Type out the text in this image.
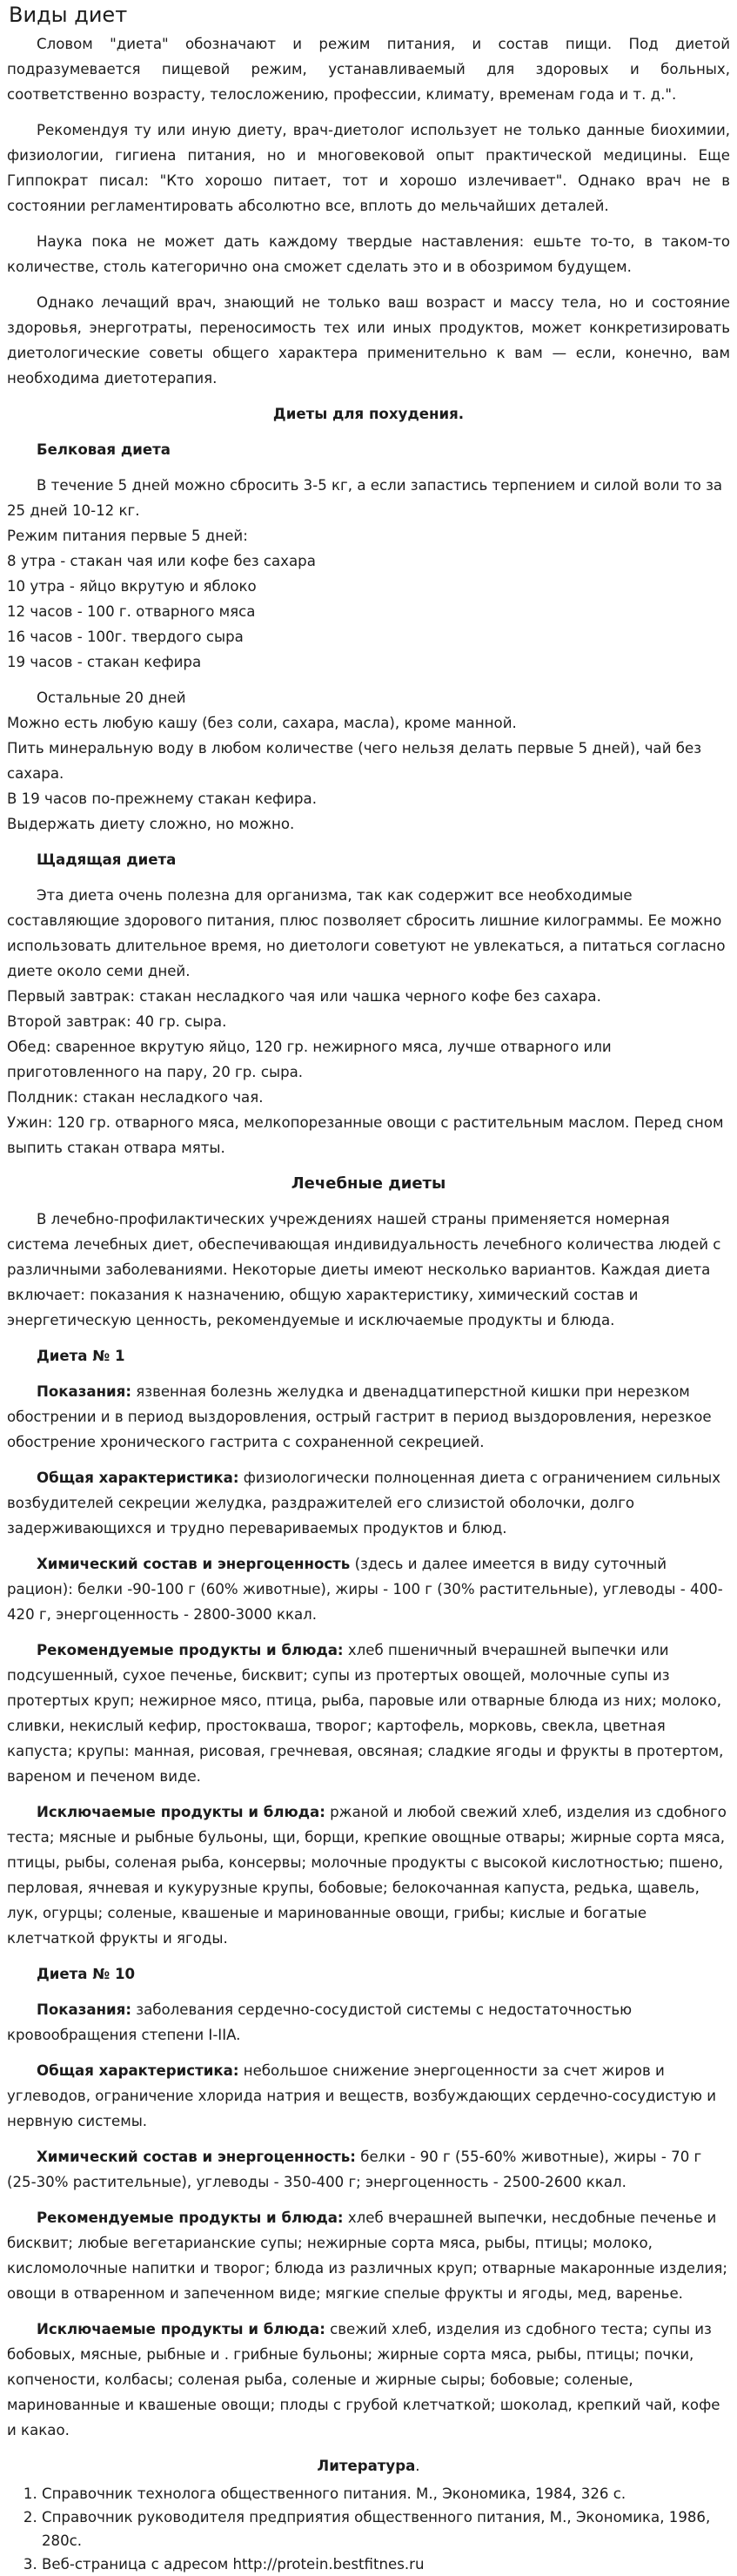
Виды диет

Словом "диета" обозначают и режим питания, и состав пищи. Под диетой подразумевается пищевой режим, устанавливаемый для здоровых и больных, соответственно возрасту, телосложению, профессии, климату, временам года и т. д.".

Рекомендуя ту или иную диету, врач-диетолог использует не только данные биохимии, физиологии, гигиена питания, но и многовековой опыт практической медицины. Еще Гиппократ писал: "Кто хорошо питает, тот и хорошо излечивает". Однако врач не в состоянии регламентировать абсолютно все, вплоть до мельчайших деталей.

Наука пока не может дать каждому твердые наставления: ешьте то-то, в таком-то количестве, столь категорично она сможет сделать это и в обозримом будущем.

Однако лечащий врач, знающий не только ваш возраст и массу тела, но и состояние здоровья, энерготраты, переносимость тех или иных продуктов, может конкретизировать диетологические советы общего характера применительно к вам — если, конечно, вам необходима диетотерапия.

Диеты для похудения.
Белковая диета

В течение 5 дней можно сбросить 3-5 кг, а если запастись терпением и силой воли то за 25 дней 10-12 кг.
Режим питания первые 5 дней:
8 утра - стакан чая или кофе без сахара
10 утра - яйцо вкрутую и яблоко
12 часов - 100 г. отварного мяса
16 часов - 100г. твердого сыра
19 часов - стакан кефира

Остальные 20 дней
Можно есть любую кашу (без соли, сахара, масла), кроме манной.
Пить минеральную воду в любом количестве (чего нельзя делать первые 5 дней), чай без сахара.
В 19 часов по-прежнему стакан кефира.
Выдержать диету сложно, но можно.

Щадящая диета

Эта диета очень полезна для организма, так как содержит все необходимые составляющие здорового питания, плюс позволяет сбросить лишние килограммы. Ее можно использовать длительное время, но диетологи советуют не увлекаться, а питаться согласно диете около семи дней.
Первый завтрак: стакан несладкого чая или чашка черного кофе без сахара.
Второй завтрак: 40 гр. сыра.
Обед: сваренное вкрутую яйцо, 120 гр. нежирного мяса, лучше отварного или приготовленного на пару, 20 гр. сыра.
Полдник: стакан несладкого чая.
Ужин: 120 гр. отварного мяса, мелкопорезанные овощи с растительным маслом. Перед сном выпить стакан отвара мяты.

Лечебные диеты

В лечебно-профилактических учреждениях нашей страны применяется номерная система лечебных диет, обеспечивающая индивидуальность лечебного количества людей с различными заболеваниями. Некоторые диеты имеют несколько вариантов. Каждая диета включает: показания к назначению, общую характеристику, химический состав и энергетическую ценность, рекомендуемые и исключаемые продукты и блюда.

Диета № 1

Показания: язвенная болезнь желудка и двенадцатиперстной кишки при нерезком обострении и в период выздоровления, острый гастрит в период выздоровления, нерезкое обострение хронического гастрита с сохраненной секрецией.

Общая характеристика: физиологически полноценная диета с ограничением сильных возбудителей секреции желудка, раздражителей его слизистой оболочки, долго задерживающихся и трудно перевариваемых продуктов и блюд.

Химический состав и энергоценность (здесь и далее имеется в виду суточный рацион): белки -90-100 г (60% животные), жиры - 100 г (30% растительные), углеводы - 400- 420 г, энергоценность - 2800-3000 ккал.

Рекомендуемые продукты и блюда: хлеб пшеничный вчерашней выпечки или подсушенный, сухое печенье, бисквит; супы из протертых овощей, молочные супы из протертых круп; нежирное мясо, птица, рыба, паровые или отварные блюда из них; молоко, сливки, некислый кефир, простокваша, творог; картофель, морковь, свекла, цветная капуста; крупы: манная, рисовая, гречневая, овсяная; сладкие ягоды и фрукты в протертом, вареном и печеном виде.

Исключаемые продукты и блюда: ржаной и любой свежий хлеб, изделия из сдобного теста; мясные и рыбные бульоны, щи, борщи, крепкие овощные отвары; жирные сорта мяса, птицы, рыбы, соленая рыба, консервы; молочные продукты с высокой кислотностью; пшено, перловая, ячневая и кукурузные крупы, бобовые; белокочанная капуста, редька, щавель, лук, огурцы; соленые, квашеные и маринованные овощи, грибы; кислые и богатые клетчаткой фрукты и ягоды.

Диета № 10

Показания: заболевания сердечно-сосудистой системы с недостаточностью кровообращения степени I-IIA.

Общая характеристика: небольшое снижение энергоценности за счет жиров и углеводов, ограничение хлорида натрия и веществ, возбуждающих сердечно-сосудистую и нервную системы.

Химический состав и энергоценность: белки - 90 г (55-60% животные), жиры - 70 г (25-30% растительные), углеводы - 350-400 г; энергоценность - 2500-2600 ккал.

Рекомендуемые продукты и блюда: хлеб вчерашней выпечки, несдобные печенье и бисквит; любые вегетарианские супы; нежирные сорта мяса, рыбы, птицы; молоко, кисломолочные напитки и творог; блюда из различных круп; отварные макаронные изделия; овощи в отваренном и запеченном виде; мягкие спелые фрукты и ягоды, мед, варенье.

Исключаемые продукты и блюда: свежий хлеб, изделия из сдобного теста; супы из бобовых, мясные, рыбные и . грибные бульоны; жирные сорта мяса, рыбы, птицы; почки, копчености, колбасы; соленая рыба, соленые и жирные сыры; бобовые; соленые, маринованные и квашеные овощи; плоды с грубой клетчаткой; шоколад, крепкий чай, кофе и какао.

Литература.
1. Справочник технолога общественного питания. М., Экономика, 1984, 326 с.
2. Справочник руководителя предприятия общественного питания, М., Экономика, 1986, 280с.
3. Веб-страница с адресом http://protein.bestfitnes.ru
